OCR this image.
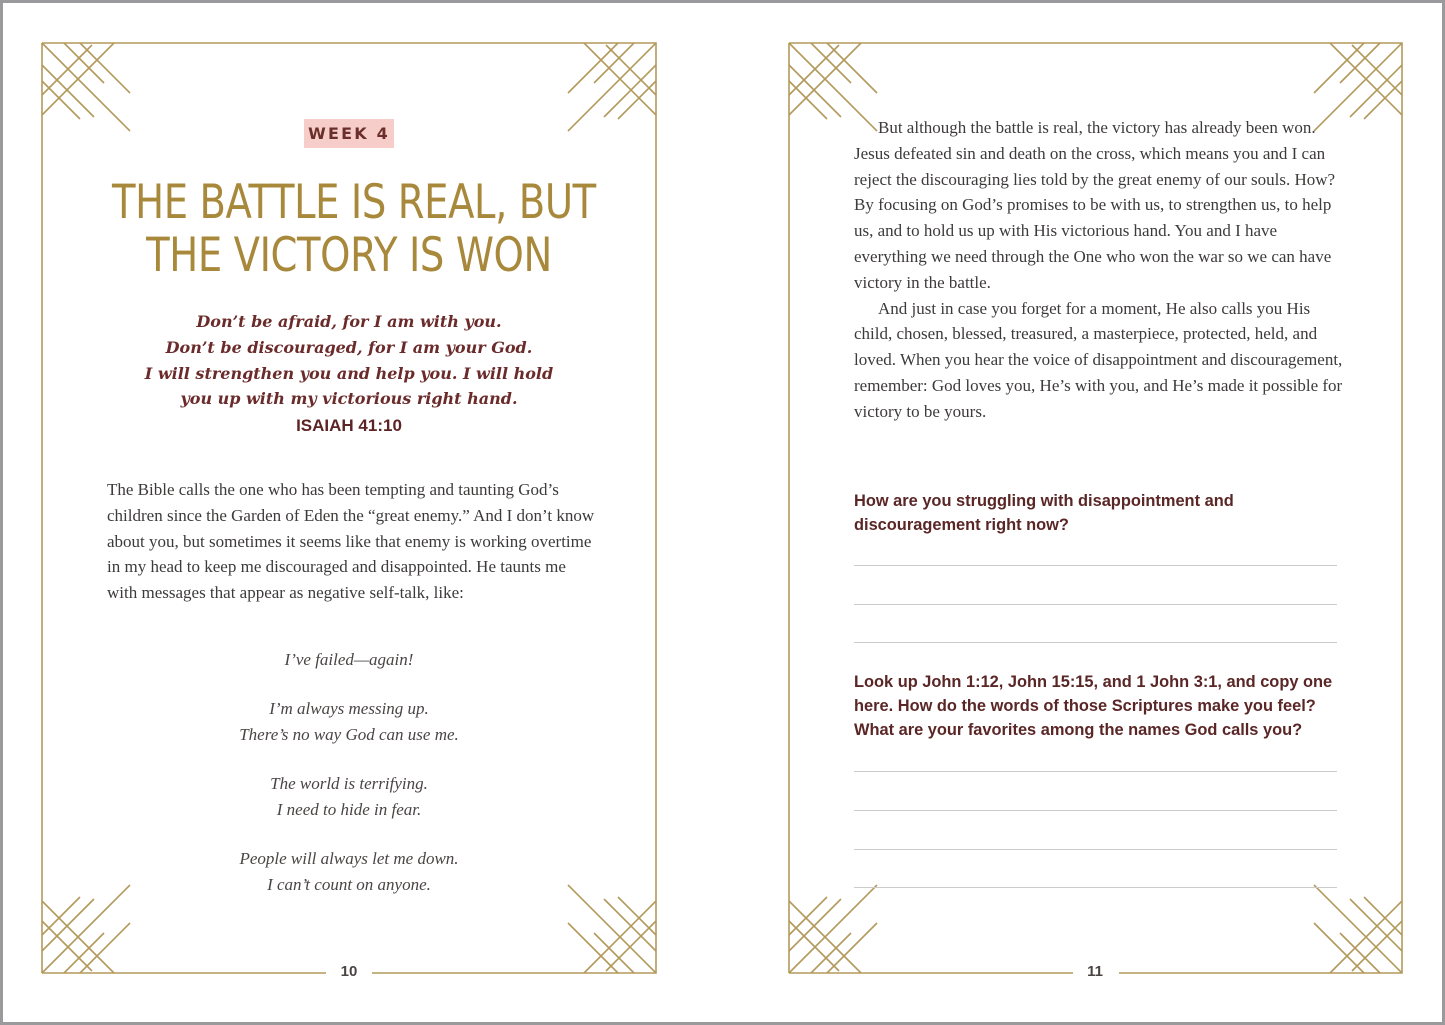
WEEK 4
THE BATTLE IS REAL, BUT
THE VICTORY IS WON
Don’t be afraid, for I am with you.
Don’t be discouraged, for I am your God.
I will strengthen you and help you. I will hold
you up with my victorious right hand.
ISAIAH 41:10
The Bible calls the one who has been tempting and taunting God’s children since the Garden of Eden the “great enemy.” And I don’t know about you, but sometimes it seems like that enemy is working overtime in my head to keep me discouraged and disappointed. He taunts me with messages that appear as negative self-talk, like:
I’ve failed—again!
I’m always messing up.
There’s no way God can use me.
The world is terrifying.
I need to hide in fear.
People will always let me down.
I can’t count on anyone.
10
But although the battle is real, the victory has already been won. Jesus defeated sin and death on the cross, which means you and I can reject the discouraging lies told by the great enemy of our souls. How? By focusing on God’s promises to be with us, to strengthen us, to help us, and to hold us up with His victorious hand. You and I have everything we need through the One who won the war so we can have victory in the battle.
And just in case you forget for a moment, He also calls you His child, chosen, blessed, treasured, a masterpiece, protected, held, and loved. When you hear the voice of disappointment and discouragement, remember: God loves you, He’s with you, and He’s made it possible for victory to be yours.
How are you struggling with disappointment and discouragement right now?
Look up John 1:12, John 15:15, and 1 John 3:1, and copy one here. How do the words of those Scriptures make you feel? What are your favorites among the names God calls you?
11
